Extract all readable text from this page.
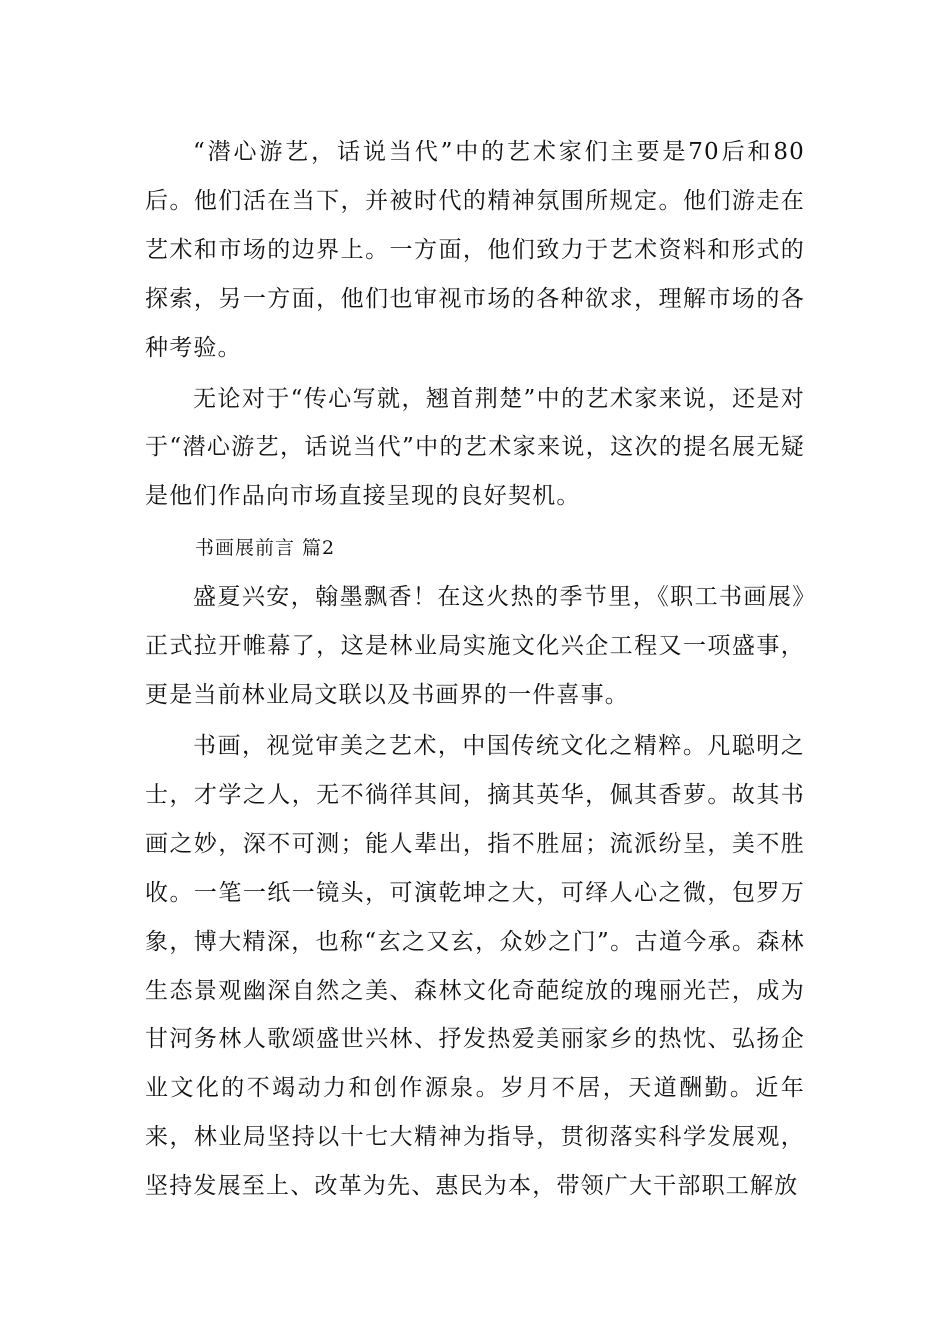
“潜心游艺，话说当代”中的艺术家们主要是70后和80后。他们活在当下，并被时代的精神氛围所规定。他们游走在艺术和市场的边界上。一方面，他们致力于艺术资料和形式的探索，另一方面，他们也审视市场的各种欲求，理解市场的各种考验。

无论对于“传心写就，翘首荆楚”中的艺术家来说，还是对于“潜心游艺，话说当代”中的艺术家来说，这次的提名展无疑是他们作品向市场直接呈现的良好契机。

书画展前言 篇2

盛夏兴安，翰墨飘香！在这火热的季节里，《职工书画展》正式拉开帷幕了，这是林业局实施文化兴企工程又一项盛事，更是当前林业局文联以及书画界的一件喜事。

书画，视觉审美之艺术，中国传统文化之精粹。凡聪明之士，才学之人，无不徜徉其间，摘其英华，佩其香萝。故其书画之妙，深不可测；能人辈出，指不胜屈；流派纷呈，美不胜收。一笔一纸一镜头，可演乾坤之大，可绎人心之微，包罗万象，博大精深，也称“玄之又玄，众妙之门”。古道今承。森林生态景观幽深自然之美、森林文化奇葩绽放的瑰丽光芒，成为甘河务林人歌颂盛世兴林、抒发热爱美丽家乡的热忱、弘扬企业文化的不竭动力和创作源泉。岁月不居，天道酬勤。近年来，林业局坚持以十七大精神为指导，贯彻落实科学发展观，坚持发展至上、改革为先、惠民为本，带领广大干部职工解放
